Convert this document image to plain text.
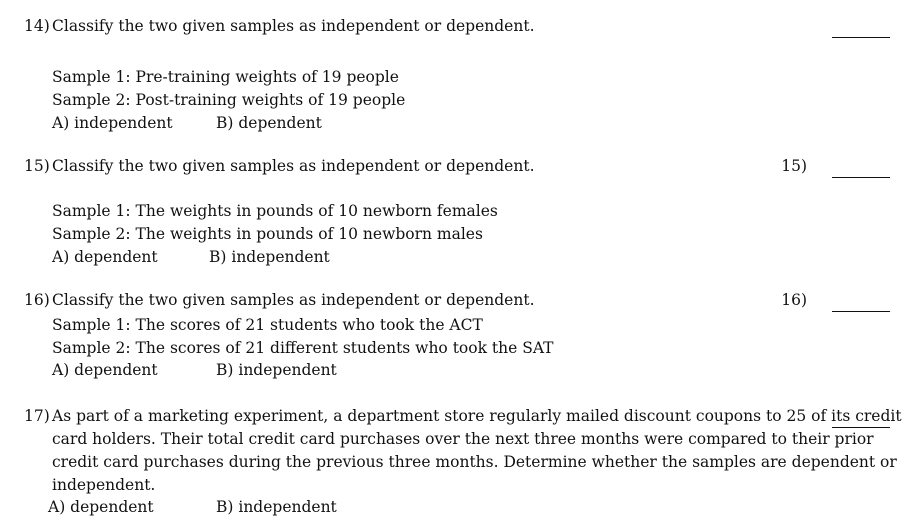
14) Classify the two given samples as independent or dependent.
Sample 1: Pre-training weights of 19 people
Sample 2: Post-training weights of 19 people
A) independent	B) dependent
15) Classify the two given samples as independent or dependent.	15)
Sample 1: The weights in pounds of 10 newborn females
Sample 2: The weights in pounds of 10 newborn males
A) dependent	B) independent
16) Classify the two given samples as independent or dependent.	16)
Sample 1: The scores of 21 students who took the ACT
Sample 2: The scores of 21 different students who took the SAT
A) dependent	B) independent
17) As part of a marketing experiment, a department store regularly mailed discount coupons to 25 of its credit
card holders. Their total credit card purchases over the next three months were compared to their prior
credit card purchases during the previous three months. Determine whether the samples are dependent or
independent.
A) dependent	B) independent
